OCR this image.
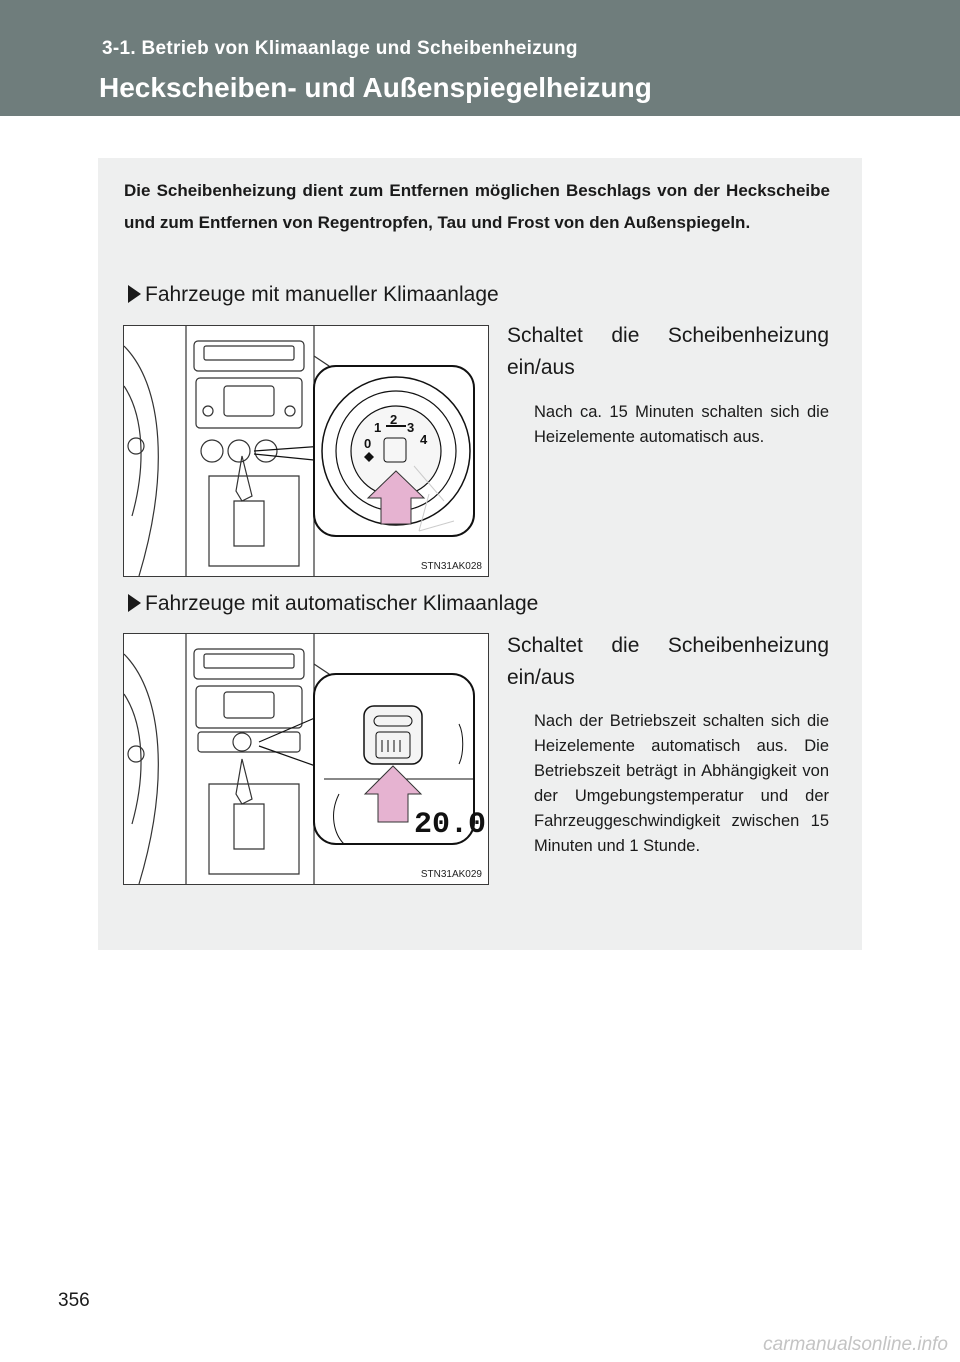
3-1. Betrieb von Klimaanlage und Scheibenheizung
Heckscheiben- und Außenspiegelheizung
Die Scheibenheizung dient zum Entfernen möglichen Beschlags von der Heckscheibe und zum Entfernen von Regentropfen, Tau und Frost von den Außenspiegeln.
Fahrzeuge mit manueller Klimaanlage
0
1
2
3
4
STN31AK028
Schaltet die Scheibenheizung ein/aus
Nach ca. 15 Minuten schalten sich die Heizelemente automatisch aus.
Fahrzeuge mit automatischer Klimaanlage
20.0
STN31AK029
Schaltet die Scheibenheizung ein/aus
Nach der Betriebszeit schalten sich die Heizelemente automatisch aus. Die Betriebszeit beträgt in Abhängigkeit von der Umgebungstemperatur und der Fahrzeuggeschwindigkeit zwischen 15 Minuten und 1 Stunde.
356
carmanualsonline.info
